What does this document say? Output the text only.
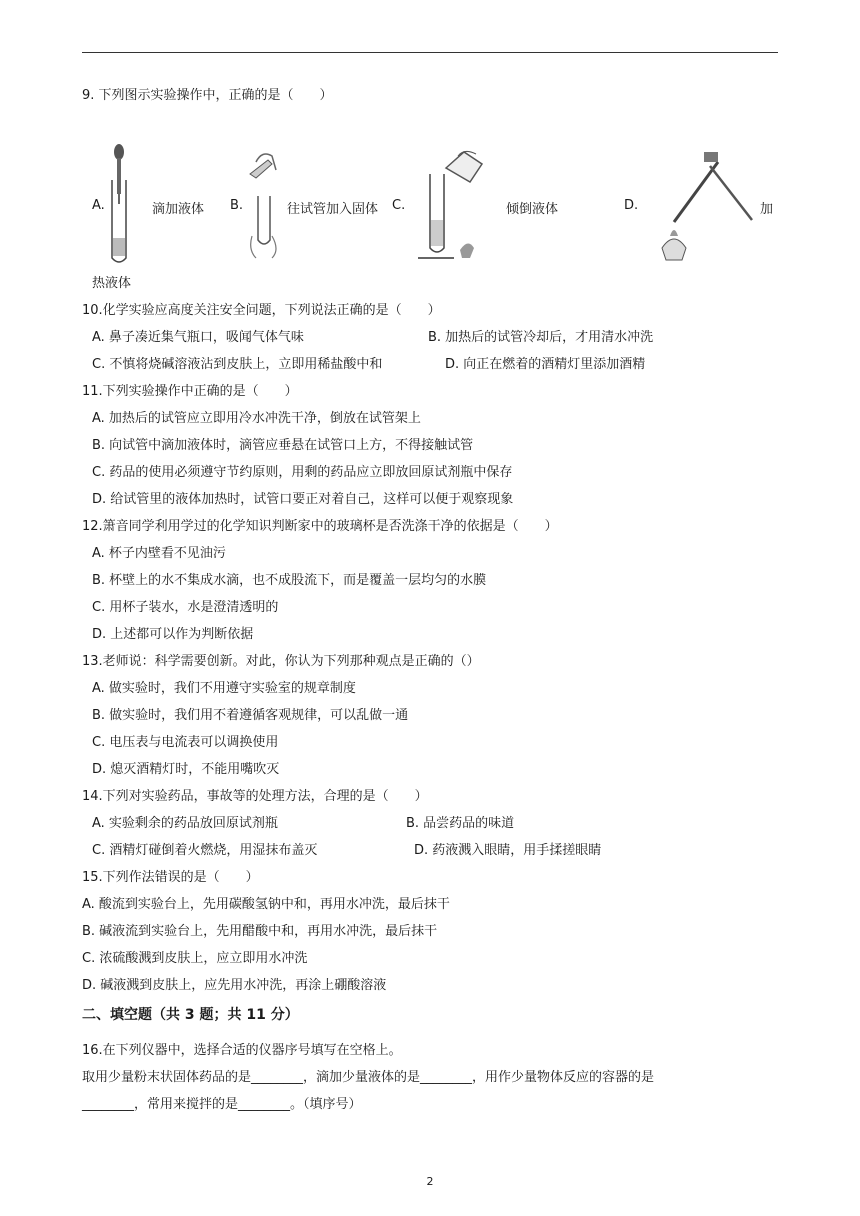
9. 下列图示实验操作中，正确的是（　　）
A.	滴加液体 B.	往试管加入固体 C.	倾倒液体	D.	加
热液体
10.化学实验应高度关注安全问题，下列说法正确的是（　　）
A. 鼻子凑近集气瓶口，吸闻气体气味	B. 加热后的试管冷却后，才用清水冲洗
C. 不慎将烧碱溶液沾到皮肤上，立即用稀盐酸中和	D. 向正在燃着的酒精灯里添加酒精
11.下列实验操作中正确的是（　　）
A. 加热后的试管应立即用冷水冲洗干净，倒放在试管架上
B. 向试管中滴加液体时，滴管应垂悬在试管口上方，不得接触试管
C. 药品的使用必须遵守节约原则，用剩的药品应立即放回原试剂瓶中保存
D. 给试管里的液体加热时，试管口要正对着自己，这样可以便于观察现象
12.箫音同学利用学过的化学知识判断家中的玻璃杯是否洗涤干净的依据是（　　）
A. 杯子内壁看不见油污
B. 杯壁上的水不集成水滴，也不成股流下，而是覆盖一层均匀的水膜
C. 用杯子装水，水是澄清透明的
D. 上述都可以作为判断依据
13.老师说：科学需要创新。对此，你认为下列那种观点是正确的（）
A. 做实验时，我们不用遵守实验室的规章制度
B. 做实验时，我们用不着遵循客观规律，可以乱做一通
C. 电压表与电流表可以调换使用
D. 熄灭酒精灯时，不能用嘴吹灭
14.下列对实验药品，事故等的处理方法，合理的是（　　）
A. 实验剩余的药品放回原试剂瓶	B. 品尝药品的味道
C. 酒精灯碰倒着火燃烧，用湿抹布盖灭	D. 药液溅入眼睛，用手揉搓眼睛
15.下列作法错误的是（　　）
A. 酸流到实验台上，先用碳酸氢钠中和，再用水冲洗，最后抹干
B. 碱液流到实验台上，先用醋酸中和，再用水冲洗，最后抹干
C. 浓硫酸溅到皮肤上，应立即用水冲洗
D. 碱液溅到皮肤上，应先用水冲洗，再涂上硼酸溶液
二、填空题（共 3 题；共 11 分）
16.在下列仪器中，选择合适的仪器序号填写在空格上。
取用少量粉末状固体药品的是________，滴加少量液体的是________，用作少量物体反应的容器的是
________，常用来搅拌的是________。（填序号）
2
